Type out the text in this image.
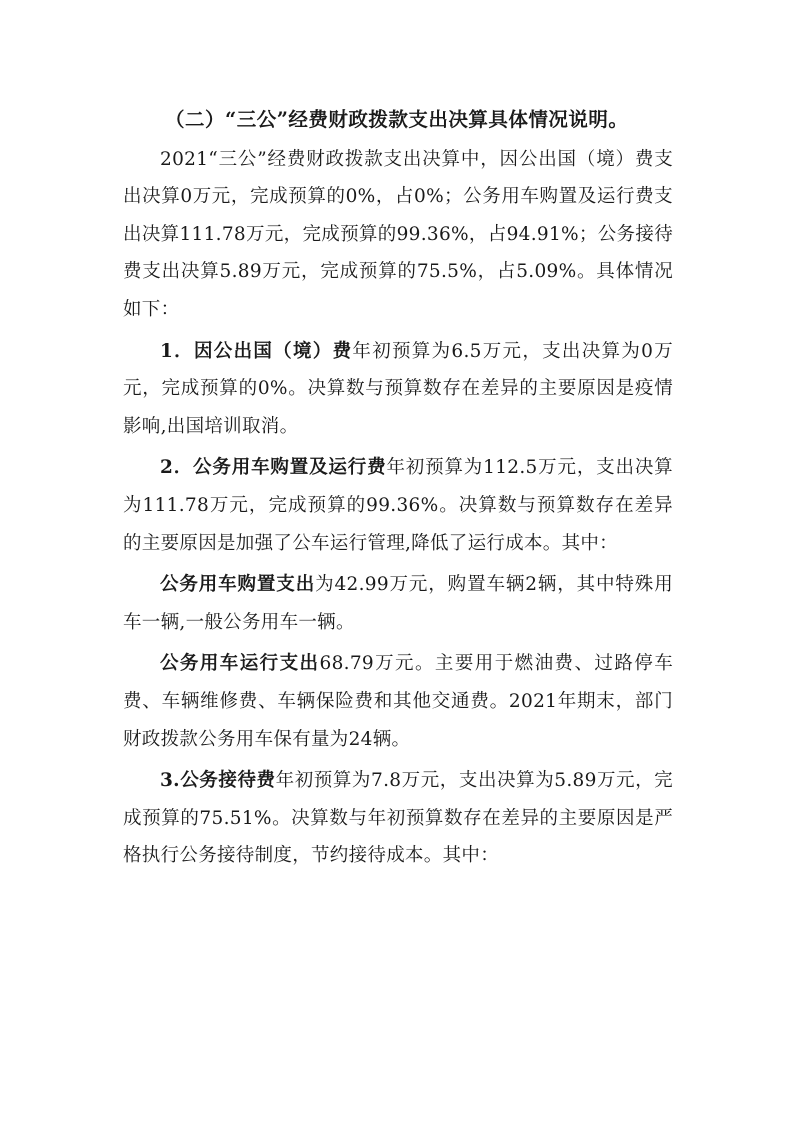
（二）“三公”经费财政拨款支出决算具体情况说明。

2021“三公”经费财政拨款支出决算中，因公出国（境）费支出决算0万元，完成预算的0%，占0%；公务用车购置及运行费支出决算111.78万元，完成预算的99.36%，占94.91%；公务接待费支出决算5.89万元，完成预算的75.5%，占5.09%。具体情况如下：

1．因公出国（境）费年初预算为6.5万元，支出决算为0万元，完成预算的0%。决算数与预算数存在差异的主要原因是疫情影响,出国培训取消。

2．公务用车购置及运行费年初预算为112.5万元，支出决算为111.78万元，完成预算的99.36%。决算数与预算数存在差异的主要原因是加强了公车运行管理,降低了运行成本。其中：

公务用车购置支出为42.99万元，购置车辆2辆，其中特殊用车一辆,一般公务用车一辆。

公务用车运行支出68.79万元。主要用于燃油费、过路停车费、车辆维修费、车辆保险费和其他交通费。2021年期末，部门财政拨款公务用车保有量为24辆。

3.公务接待费年初预算为7.8万元，支出决算为5.89万元，完成预算的75.51%。决算数与年初预算数存在差异的主要原因是严格执行公务接待制度，节约接待成本。其中：
